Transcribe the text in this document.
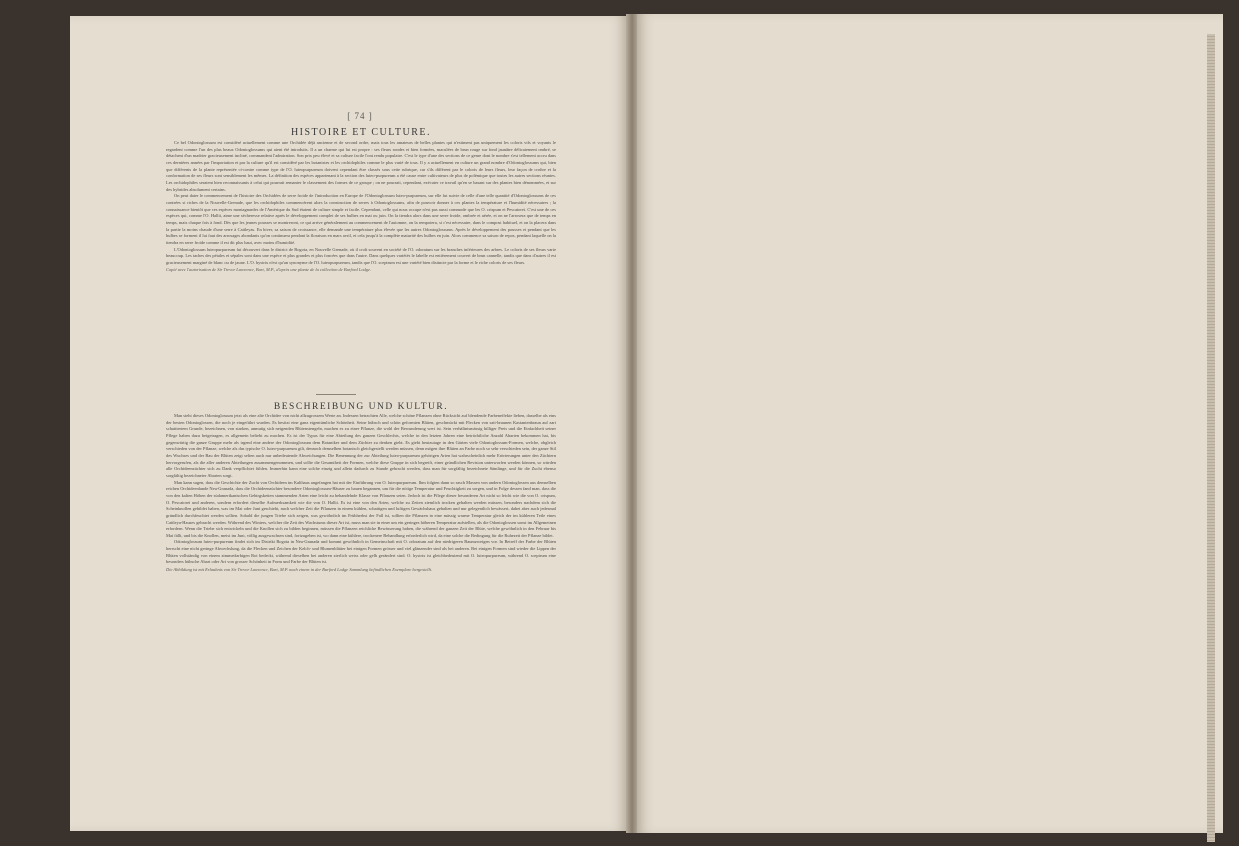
[ 74 ]
HISTOIRE ET CULTURE.

Ce bel Odontoglossum est considéré actuellement comme une Orchidée déjà ancienne et de second ordre, mais tous les amateurs de belles plantes qui n'estiment pas uniquement les coloris vifs et voyants le regardent comme l'un des plus beaux Odontoglossums qui aient été introduits. Il a un charme qui lui est propre : ses fleurs rondes et bien formées, maculées de brun rouge sur fond jaunâtre délicatement ombré, se détachent d'un madrier gracieusement incliné, commandent l'admiration. Son prix peu élevé et sa culture facile l'ont rendu populaire. C'est le type d'une des sections de ce genre dont le nombre s'est tellement accru dans ces dernières années par l'importation et par la culture qu'il est considéré par les botanistes et les orchidophiles comme le plus varié de tous. Il y a actuellement en culture un grand nombre d'Odontoglossums qui, bien que différents de la plante représentée ci-contre comme type de l'O. luteopurpureum doivent cependant être classés sous cette rubrique, car s'ils diffèrent par le coloris de leurs fleurs, leur façon de croître et la conformation de ses fleurs sont sensiblement les mêmes. La définition des espèces appartenant à la section des luteo-purpureum a été cause entre cultivateurs de plus de polémique que toutes les autres sections réunies. Les orchidophiles seraient bien reconnaissants à celui qui pourrait remanier le classement des formes de ce groupe ; on ne pourrait, cependant, exécuter ce travail qu'en se basant sur des plantes bien dénommées, et sur des hybrides absolument certains.

On peut dater le commencement de l'histoire des Orchidées de serre froide de l'introduction en Europe de l'Odontoglossum luteo-purpureum, sur elle fut suivie de celle d'une telle quantité d'Odontoglossums de ces contrées si riches de la Nouvelle-Grenade, que les orchidophiles commencèrent alors la construction de serres à Odontoglossums, afin de pouvoir donner à ces plantes la température et l'humidité nécessaires ; la connaissance bientôt que ces espèces montagnardes de l'Amérique du Sud étaient de culture simple et facile. Cependant, celle qui nous occupe n'est pas aussi commode que les O. crispum et Pescatorei. C'est une de ces espèces qui, comme l'O. Hallii, aime une sécheresse relative après le développement complet de ses bulbes en mai ou juin. On la tiendra alors dans une serre froide, ombrée et aérée, et on ne l'arrosera que de temps en temps, mais chaque fois à fond. Dès que les jeunes pousses se montreront, ce qui arrive généralement au commencement de l'automne, on la rempotera, si c'est nécessaire, dans le compost habituel, et on la placera dans la partie la moins chaude d'une serre à Cattleyas. En hiver, sa saison de croissance, elle demande une température plus élevée que les autres Odontoglossums. Après le développement des pousses et pendant que les bulbes se forment il lui faut des arrosages abondants qu'on continuera pendant la floraison en mars avril, et cela jusqu'à la complète maturité des bulbes en juin. Alors commence sa saison de repos, pendant laquelle on la tiendra en serre froide comme il est dit plus haut, avec moins d'humidité.

L'Odontoglossum luteopurpureum fut découvert dans le district de Bogota, en Nouvelle Grenade, où il croît souvent en société de l'O. odoratum sur les branches inférieures des arbres. Le coloris de ses fleurs varie beaucoup. Les taches des pétales et sépales sont dans une espèce et plus grandes et plus foncées que dans l'autre. Dans quelques variétés le labelle est entièrement couvert de brun cannelle, tandis que dans d'autres il est gracieusement marginé de blanc ou de jaune. L'O. hystrix n'est qu'un synonyme de l'O. luteopurpureum, tandis que l'O. sceptrum est une variété bien distincte par la forme et le riche coloris de ses fleurs.

Copié avec l'autorisation de Sir Trevor Lawrence, Bart, M.P., d'après une plante de la collection de Burford Lodge.

BESCHREIBUNG UND KULTUR.

Man sieht dieses Odontoglossum jetzt als eine alte Orchidee von nicht allzugrossem Werte an. Indessen betrachten Alle, welche schöne Pflanzen ohne Rücksicht auf blendende Farbeneffekte lieben, dasselbe als eins der besten Odontoglossen, die noch je eingeführt wurden. Es besitzt eine ganz eigentümliche Schönheit. Seine hübsch und schön geformten Blüten, geschmückt mit Flecken von satt-braunen Kastanienbraun auf zart schattiertem Grunde, bezeichnen, von starken, anmutig sich neigenden Blütenstengeln, machen es zu einer Pflanze, die wohl der Bewunderung wert ist. Sein verhältnismässig billiger Preis und die Einfachheit seiner Pflege haben dazu beigetragen, es allgemein beliebt zu machen. Es ist der Typus für eine Abteilung des ganzen Geschlechts, welche in den letzten Jahren eine beträchtliche Anzahl Abarten bekommen hat, bis gegenwärtig die ganze Gruppe mehr als irgend eine andere der Odontoglossum dem Botaniker und dem Züchter zu denken giebt. Es giebt heutzutage in den Gärten viele Odontoglossum-Formen, welche, obgleich verschieden von der Pflanze, welche als das typische O. luteo-purpureum gilt, dennoch demselben botanisch gleichgestellt werden müssen, denn mögen ihre Blüten an Farbe noch so sehr verschieden sein, der ganze Stil des Wuchses und der Bau der Blüten zeigt selten auch nur unbedeutende Abweichungen. Die Benennung der zur Abteilung luteo-purpureum gehörigen Arten hat wahrscheinlich mehr Erörterungen unter den Züchtern hervorgerufen, als die aller anderen Abteilungen zusammengenommen, und sollte die Gesamtheit der Formen, welche diese Gruppe in sich begreift, einer gründlichen Revision unterworfen werden können, so würden alle Orchideenzüchter sich zu Dank verpflichtet fühlen. Immerhin kann eine solche einzig und allein dadurch zu Stande gebracht werden, dass man für sorgfältig bezeichnete Sämlinge, und für die Zucht ebenso sorgfältig bezeichneter Abarten sorgt.

Man kann sagen, dass die Geschichte der Zucht von Orchideen im Kalthaus angefangen hat mit der Einführung von O. luteopurpureum. Ihm folgten dann so rasch Massen von andern Odontoglossen aus demselben reichen Orchideenlande Neu-Granada, dass die Orchideenzüchter besondere Odontoglossum-Häuser zu bauen begannen, um für die nötige Temperatur und Feuchtigkeit zu sorgen, und in Folge dessen fand man, dass die von den kalten Höhen der südamerikanischen Gebirgsketten stammenden Arten eine leicht zu behandelnde Klasse von Pflanzen seien. Jedoch ist die Pflege dieser besonderen Art nicht so leicht wie die von O. crispum, O. Pescatorei und anderen, sondern erfordert dieselbe Aufmerksamkeit wie die von O. Hallii. Es ist eine von den Arten, welche zu Zeiten ziemlich trocken gehalten werden müssen, besonders nachdem sich die Scheinknollen gebildet haben, was im Mai oder Juni geschieht, nach welcher Zeit die Pflanzen in einem kühlen, schattigen und luftigen Gewächshaus gehalten und nur gelegentlich bewässert, dabei aber auch jedesmal gründlich durchfeuchtet werden sollten. Sobald die jungen Triebe sich zeigen, was gewöhnlich im Frühherbst der Fall ist, sollten die Pflanzen in eine mässig warme Temperatur gleich der im kühleren Teile eines Cattleya-Hauses gebracht werden. Während des Winters, welcher die Zeit des Wachstums dieser Art ist, muss man sie in einer um ein geringes höheren Temperatur aufstellen, als die Odontoglossen sonst im Allgemeinen erfordern. Wenn die Triebe sich entwickeln und die Knollen sich zu bilden beginnen, müssen die Pflanzen reichliche Bewässerung haben, die während der ganzen Zeit der Blüte, welche gewöhnlich in den Februar bis Mai fällt, und bis die Knollen, meist im Juni, völlig ausgewachsen sind, fortzugeben ist, wo dann eine kühlere, trockenere Behandlung erforderlich wird, da eine solche die Bedingung für die Ruhezeit der Pflanze bildet.

Odontoglossum luteo-purpureum findet sich im Distrikt Bogota in Neu-Granada und kommt gewöhnlich in Gemeinschaft mit O. odoratum auf den niedrigeren Baumzweigen vor. In Betreff der Farbe der Blüten herrscht eine nicht geringe Abwechslung, da die Flecken und Zeichen der Kelch- und Blumenblätter bei einigen Formen grösser und viel glänzender sind als bei anderen. Bei einigen Formen sind wieder die Lippen der Blüten vollständig von einem zimmetfarbigen Rot bedeckt, während dieselben bei anderen zierlich weiss oder gelb gerändert sind. O. hystrix ist gleichbedeutend mit O. luteopurpureum, während O. sceptrum eine besonders hübsche Abart oder Art von grosser Schönheit in Form und Farbe der Blüten ist.

Die Abbildung ist mit Erlaubnis von Sir Trevor Lawrence, Bart, M.P. nach einem in der Burford Lodge Sammlung befindlichen Exemplare hergestellt.
